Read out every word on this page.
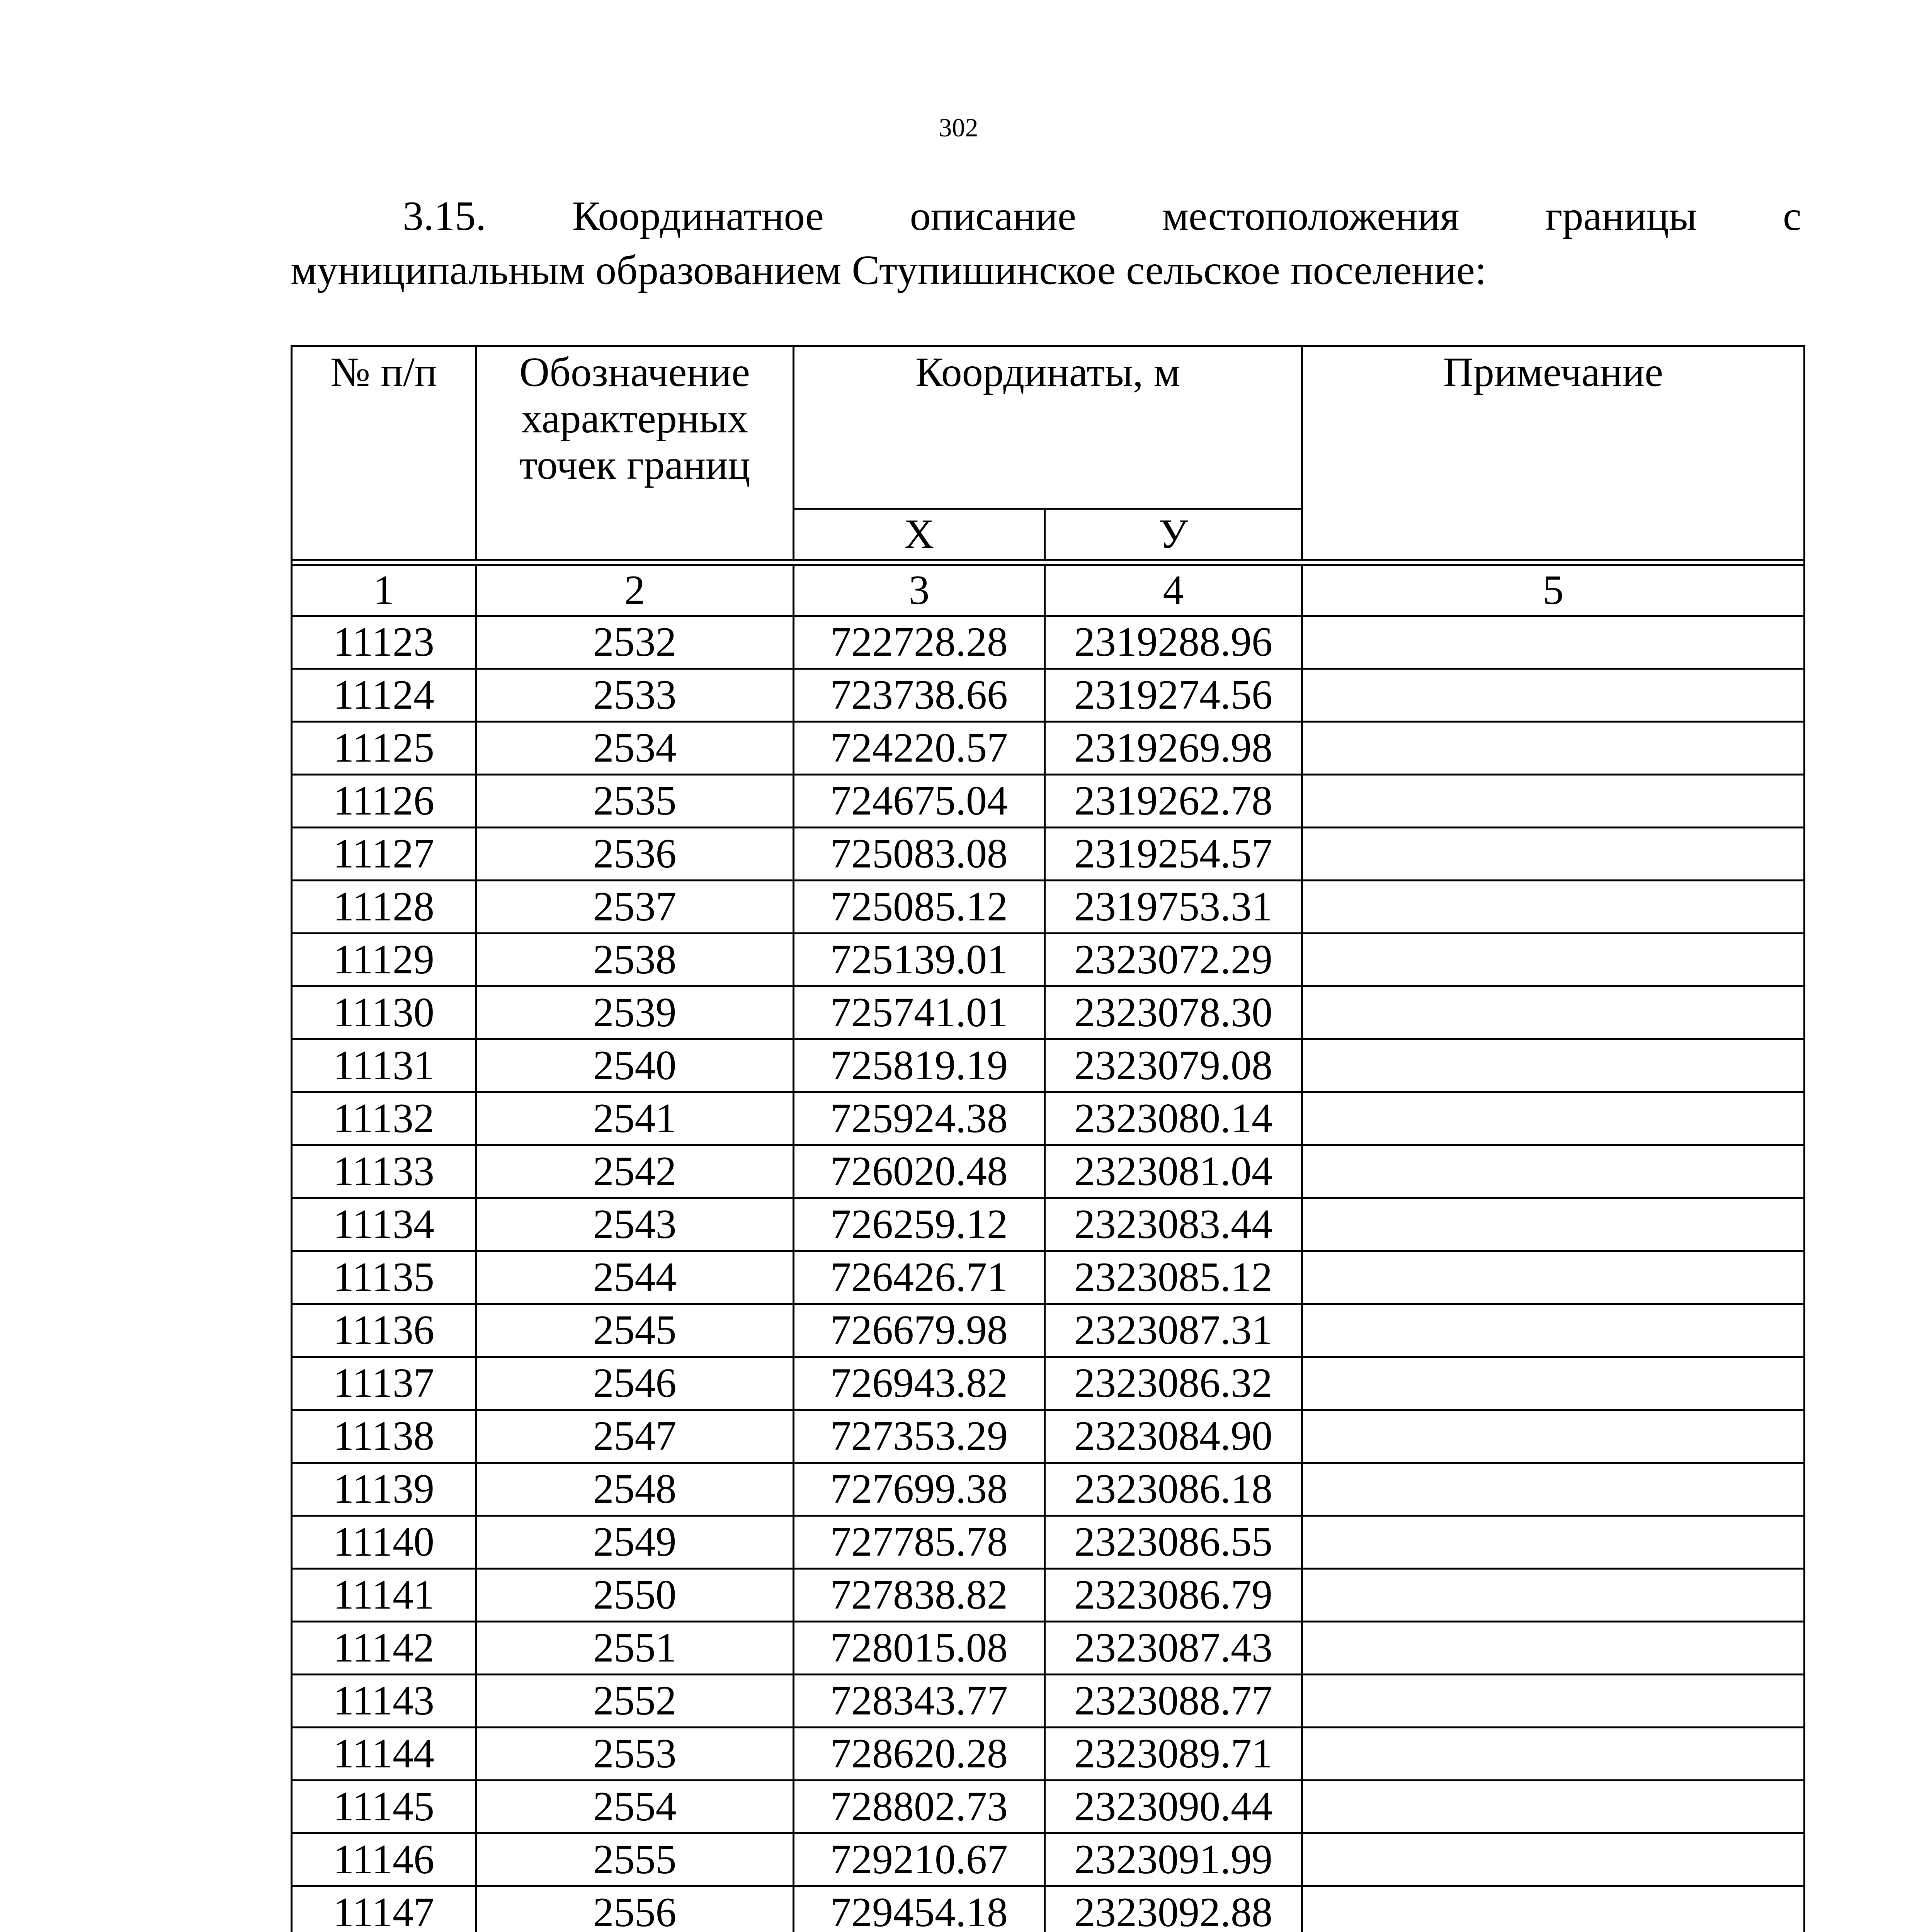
302
3.15. Координатное описание местоположения границы с
муниципальным образованием Ступишинское сельское поселение:
№ п/п	Обозначение характерных точек границ	Координаты, м		Примечание

		X	У	

1	2	3	4	5
11123	2532	722728.28	2319288.96	
11124	2533	723738.66	2319274.56	
11125	2534	724220.57	2319269.98	
11126	2535	724675.04	2319262.78	
11127	2536	725083.08	2319254.57	
11128	2537	725085.12	2319753.31	
11129	2538	725139.01	2323072.29	
11130	2539	725741.01	2323078.30	
11131	2540	725819.19	2323079.08	
11132	2541	725924.38	2323080.14	
11133	2542	726020.48	2323081.04	
11134	2543	726259.12	2323083.44	
11135	2544	726426.71	2323085.12	
11136	2545	726679.98	2323087.31	
11137	2546	726943.82	2323086.32	
11138	2547	727353.29	2323084.90	
11139	2548	727699.38	2323086.18	
11140	2549	727785.78	2323086.55	
11141	2550	727838.82	2323086.79	
11142	2551	728015.08	2323087.43	
11143	2552	728343.77	2323088.77	
11144	2553	728620.28	2323089.71	
11145	2554	728802.73	2323090.44	
11146	2555	729210.67	2323091.99	
11147	2556	729454.18	2323092.88	
